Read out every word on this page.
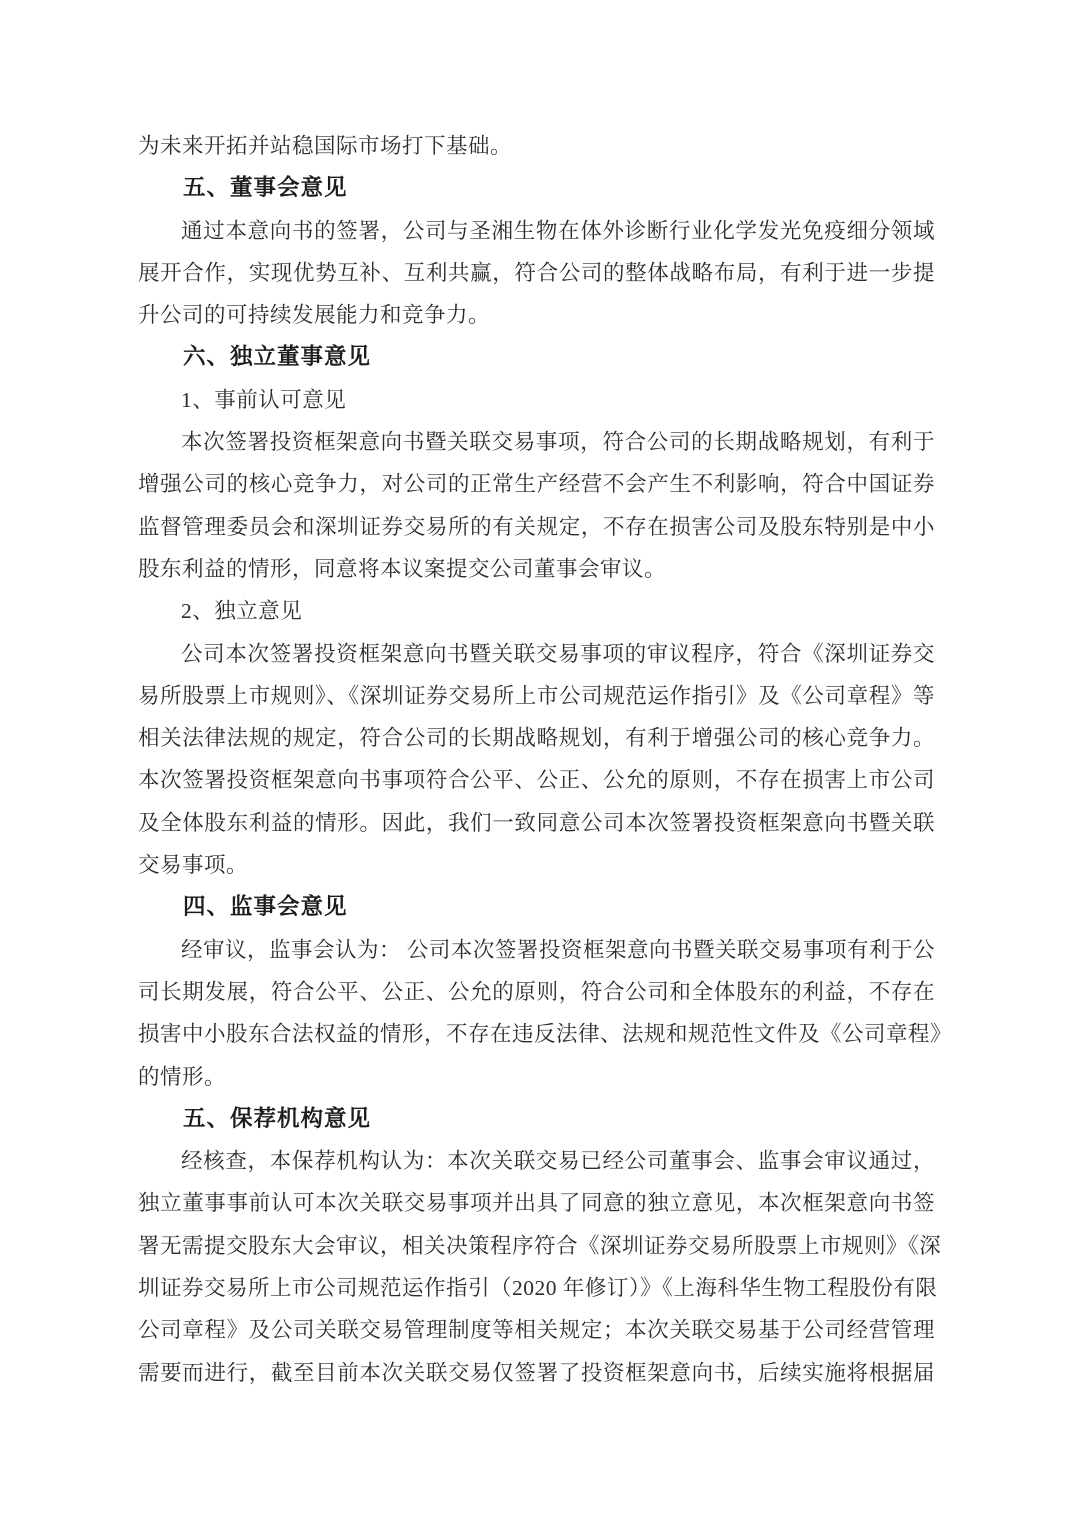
为未来开拓并站稳国际市场打下基础。
五、董事会意见
通过本意向书的签署，公司与圣湘生物在体外诊断行业化学发光免疫细分领域
展开合作，实现优势互补、互利共赢，符合公司的整体战略布局，有利于进一步提
升公司的可持续发展能力和竞争力。
六、独立董事意见
1、事前认可意见
本次签署投资框架意向书暨关联交易事项，符合公司的长期战略规划，有利于
增强公司的核心竞争力，对公司的正常生产经营不会产生不利影响，符合中国证券
监督管理委员会和深圳证券交易所的有关规定，不存在损害公司及股东特别是中小
股东利益的情形，同意将本议案提交公司董事会审议。
2、独立意见
公司本次签署投资框架意向书暨关联交易事项的审议程序，符合《深圳证券交
易所股票上市规则》、《深圳证券交易所上市公司规范运作指引》及《公司章程》等
相关法律法规的规定，符合公司的长期战略规划，有利于增强公司的核心竞争力。
本次签署投资框架意向书事项符合公平、公正、公允的原则，不存在损害上市公司
及全体股东利益的情形。因此，我们一致同意公司本次签署投资框架意向书暨关联
交易事项。
四、监事会意见
经审议，监事会认为： 公司本次签署投资框架意向书暨关联交易事项有利于公
司长期发展，符合公平、公正、公允的原则，符合公司和全体股东的利益，不存在
损害中小股东合法权益的情形，不存在违反法律、法规和规范性文件及《公司章程》
的情形。
五、保荐机构意见
经核查，本保荐机构认为：本次关联交易已经公司董事会、监事会审议通过，
独立董事事前认可本次关联交易事项并出具了同意的独立意见，本次框架意向书签
署无需提交股东大会审议，相关决策程序符合《深圳证券交易所股票上市规则》《深
圳证券交易所上市公司规范运作指引（2020 年修订）》《上海科华生物工程股份有限
公司章程》及公司关联交易管理制度等相关规定；本次关联交易基于公司经营管理
需要而进行，截至目前本次关联交易仅签署了投资框架意向书，后续实施将根据届
